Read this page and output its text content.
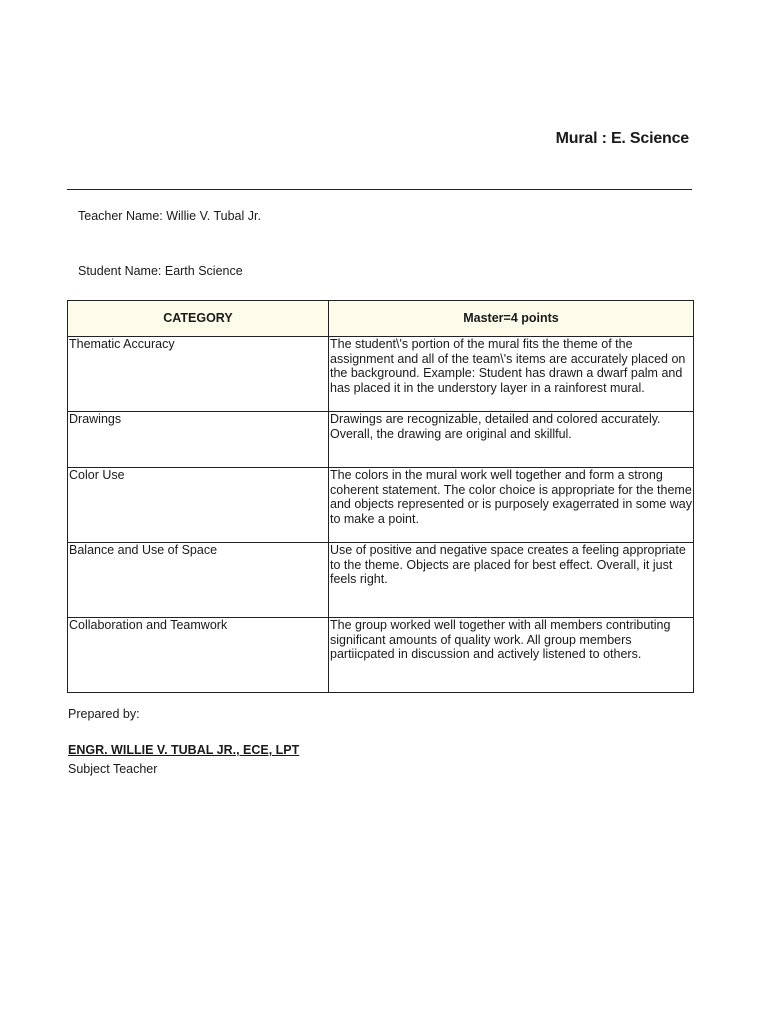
Mural : E. Science
Teacher Name: Willie V. Tubal Jr.
Student Name: Earth Science
CATEGORY	Master=4 points
Thematic Accuracy	The student\'s portion of the mural fits the theme of the assignment and all of the team\'s items are accurately placed on the background. Example: Student has drawn a dwarf palm and has placed it in the understory layer in a rainforest mural.
Drawings	Drawings are recognizable, detailed and colored accurately. Overall, the drawing are original and skillful.
Color Use	The colors in the mural work well together and form a strong coherent statement. The color choice is appropriate for the theme and objects represented or is purposely exagerrated in some way to make a point.
Balance and Use of Space	Use of positive and negative space creates a feeling appropriate to the theme. Objects are placed for best effect. Overall, it just feels right.
Collaboration and Teamwork	The group worked well together with all members contributing significant amounts of quality work. All group members partiicpated in discussion and actively listened to others.
Prepared by:
ENGR. WILLIE V. TUBAL JR., ECE, LPT
Subject Teacher
